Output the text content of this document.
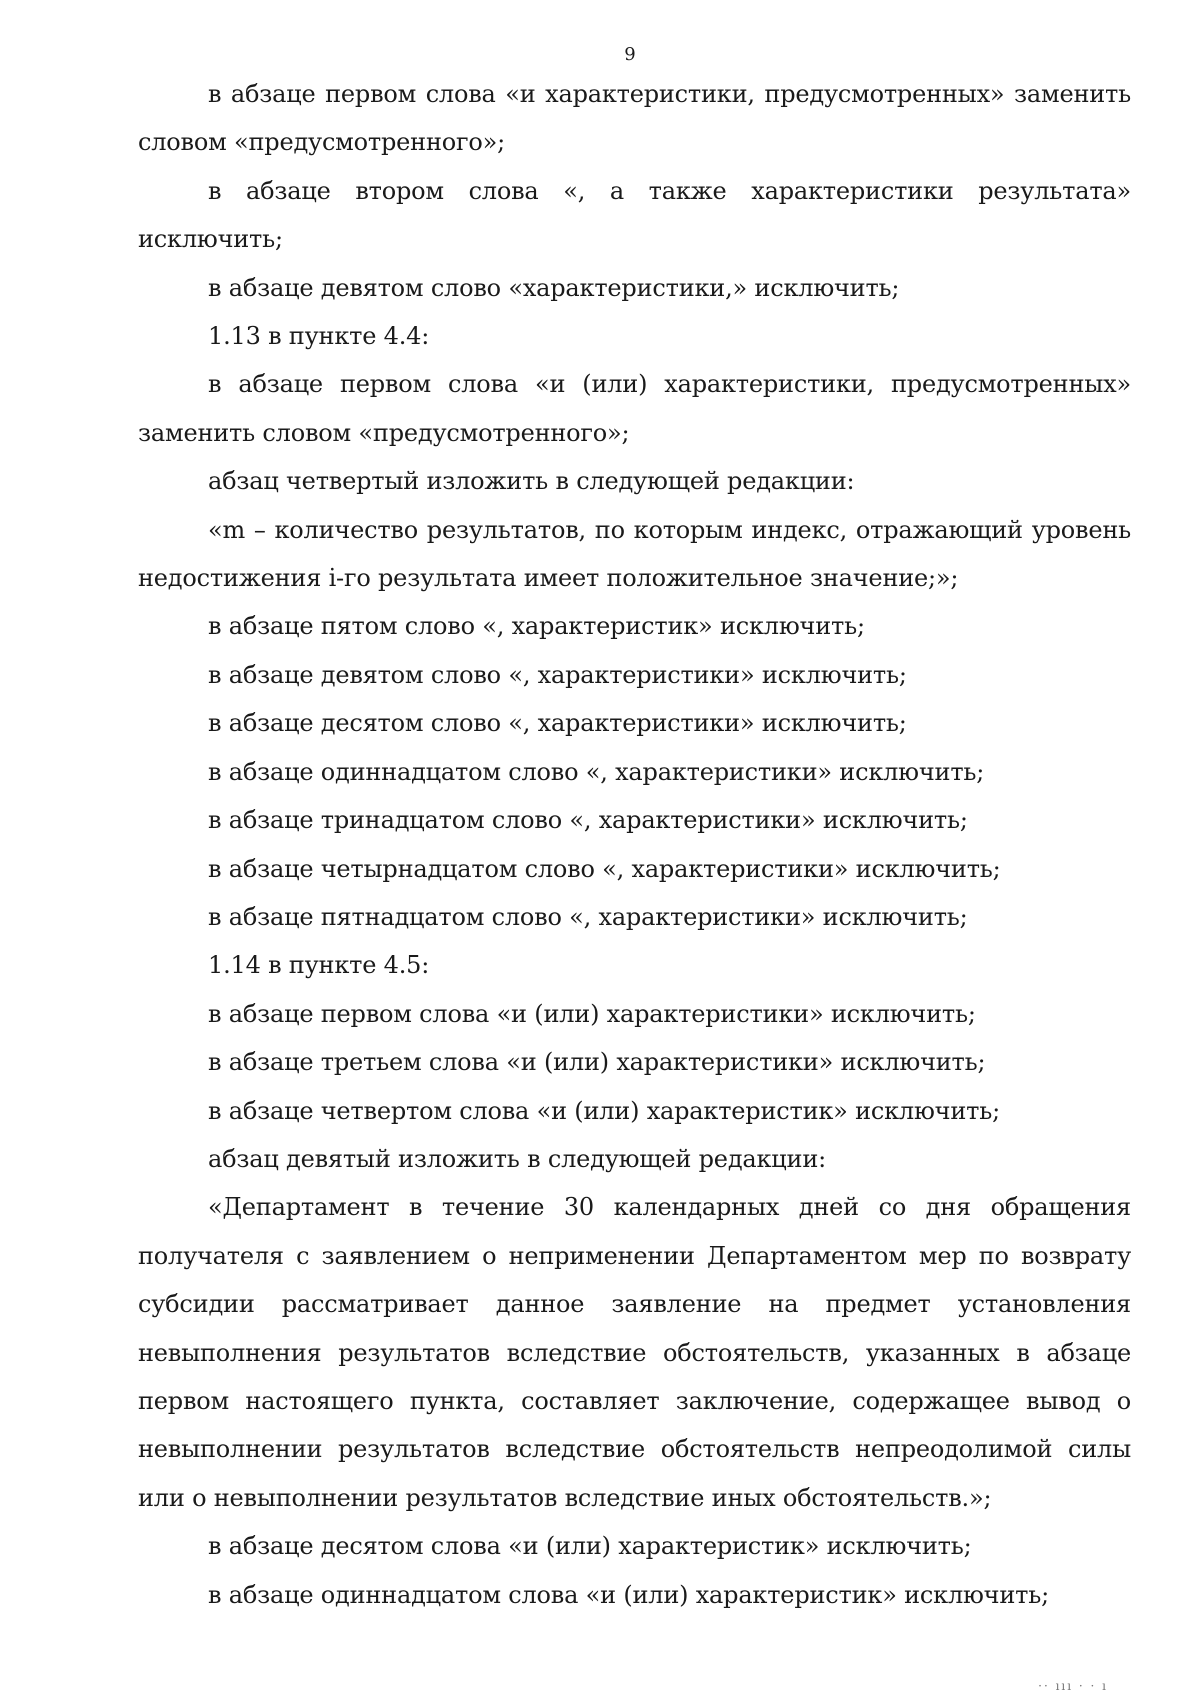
9

в абзаце первом слова «и характеристики, предусмотренных» заменить словом «предусмотренного»;

в абзаце втором слова «, а также характеристики результата» исключить;

в абзаце девятом слово «характеристики,» исключить;

1.13 в пункте 4.4:

в абзаце первом слова «и (или) характеристики, предусмотренных» заменить словом «предусмотренного»;

абзац четвертый изложить в следующей редакции:

«m – количество результатов, по которым индекс, отражающий уровень недостижения i-го результата имеет положительное значение;»;

в абзаце пятом слово «, характеристик» исключить;

в абзаце девятом слово «, характеристики» исключить;

в абзаце десятом слово «, характеристики» исключить;

в абзаце одиннадцатом слово «, характеристики» исключить;

в абзаце тринадцатом слово «, характеристики» исключить;

в абзаце четырнадцатом слово «, характеристики» исключить;

в абзаце пятнадцатом слово «, характеристики» исключить;

1.14 в пункте 4.5:

в абзаце первом слова «и (или) характеристики» исключить;

в абзаце третьем слова «и (или) характеристики» исключить;

в абзаце четвертом слова «и (или) характеристик» исключить;

абзац девятый изложить в следующей редакции:

«Департамент в течение 30 календарных дней со дня обращения получателя с заявлением о неприменении Департаментом мер по возврату субсидии рассматривает данное заявление на предмет установления невыполнения результатов вследствие обстоятельств, указанных в абзаце первом настоящего пункта, составляет заключение, содержащее вывод о невыполнении результатов вследствие обстоятельств непреодолимой силы или о невыполнении результатов вследствие иных обстоятельств.»;

в абзаце десятом слова «и (или) характеристик» исключить;

в абзаце одиннадцатом слова «и (или) характеристик» исключить;

·· ııı · · ı
